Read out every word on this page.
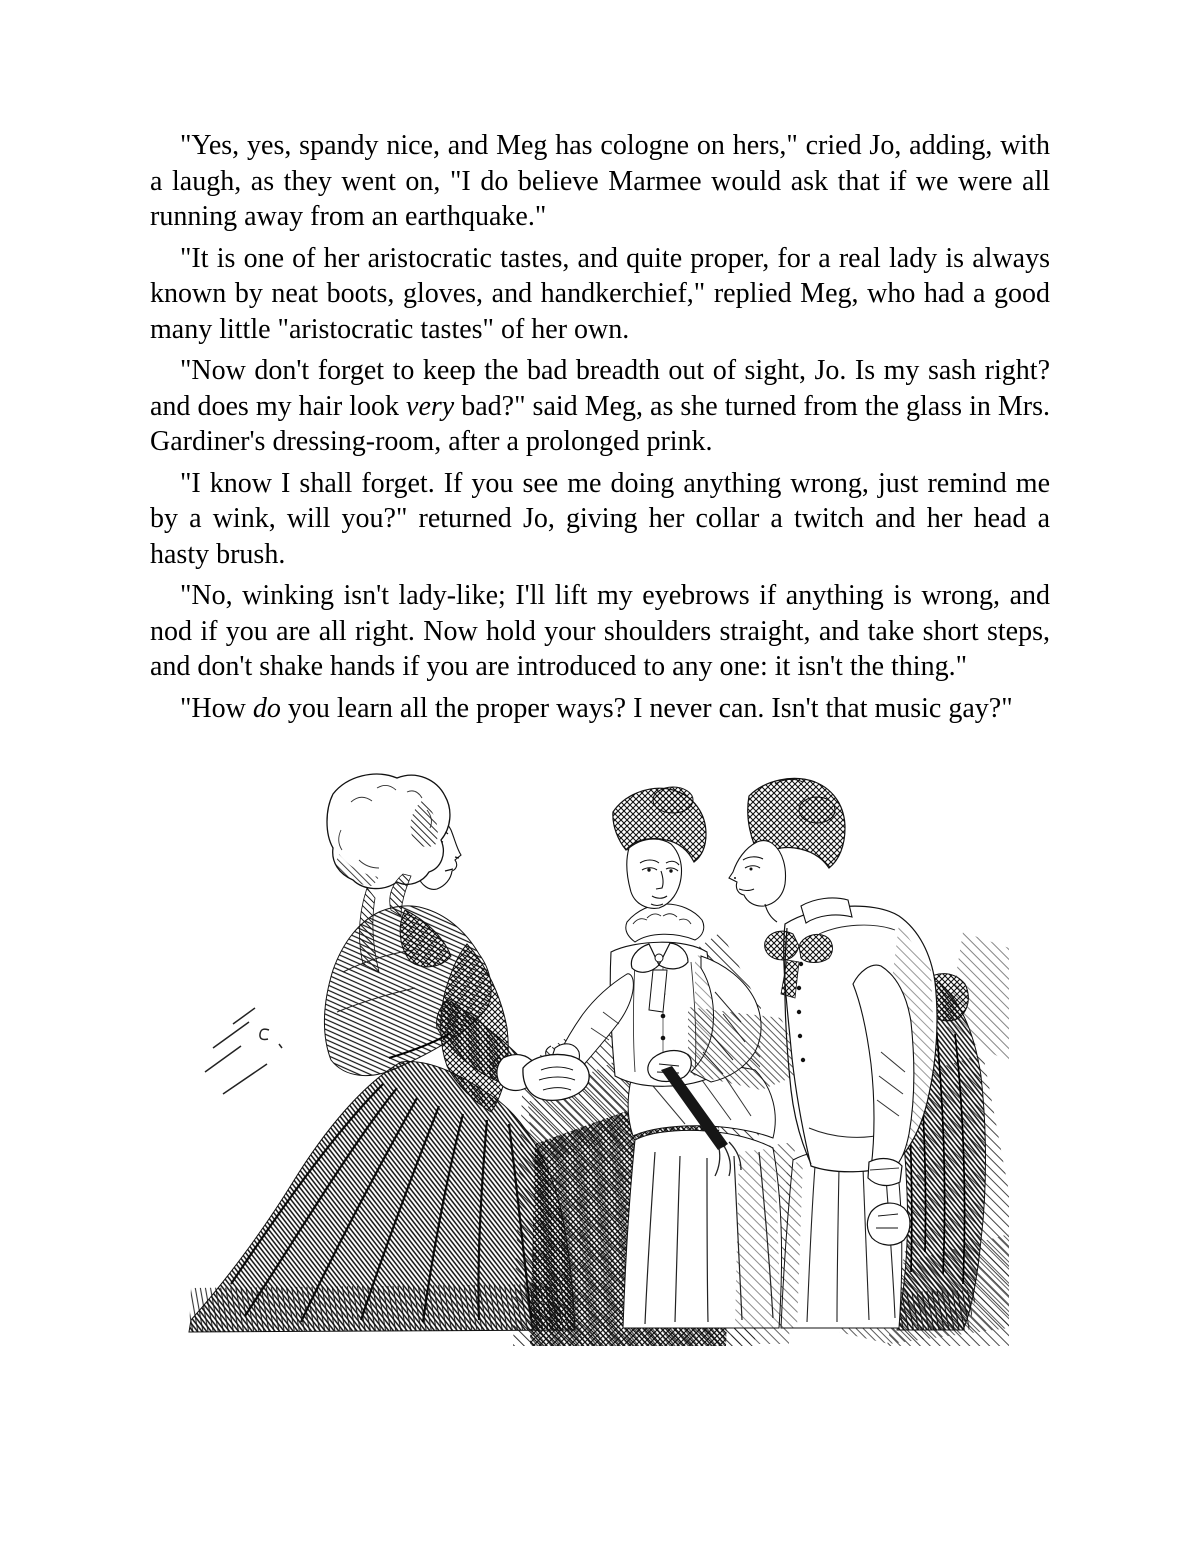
"Yes, yes, spandy nice, and Meg has cologne on hers," cried Jo, adding, with a laugh, as they went on, "I do believe Marmee would ask that if we were all running away from an earthquake."

"It is one of her aristocratic tastes, and quite proper, for a real lady is always known by neat boots, gloves, and handkerchief," replied Meg, who had a good many little "aristocratic tastes" of her own.

"Now don't forget to keep the bad breadth out of sight, Jo. Is my sash right? and does my hair look very bad?" said Meg, as she turned from the glass in Mrs. Gardiner's dressing-room, after a prolonged prink.

"I know I shall forget. If you see me doing anything wrong, just remind me by a wink, will you?" returned Jo, giving her collar a twitch and her head a hasty brush.

"No, winking isn't lady-like; I'll lift my eyebrows if anything is wrong, and nod if you are all right. Now hold your shoulders straight, and take short steps, and don't shake hands if you are introduced to any one: it isn't the thing."

"How do you learn all the proper ways? I never can. Isn't that music gay?"
